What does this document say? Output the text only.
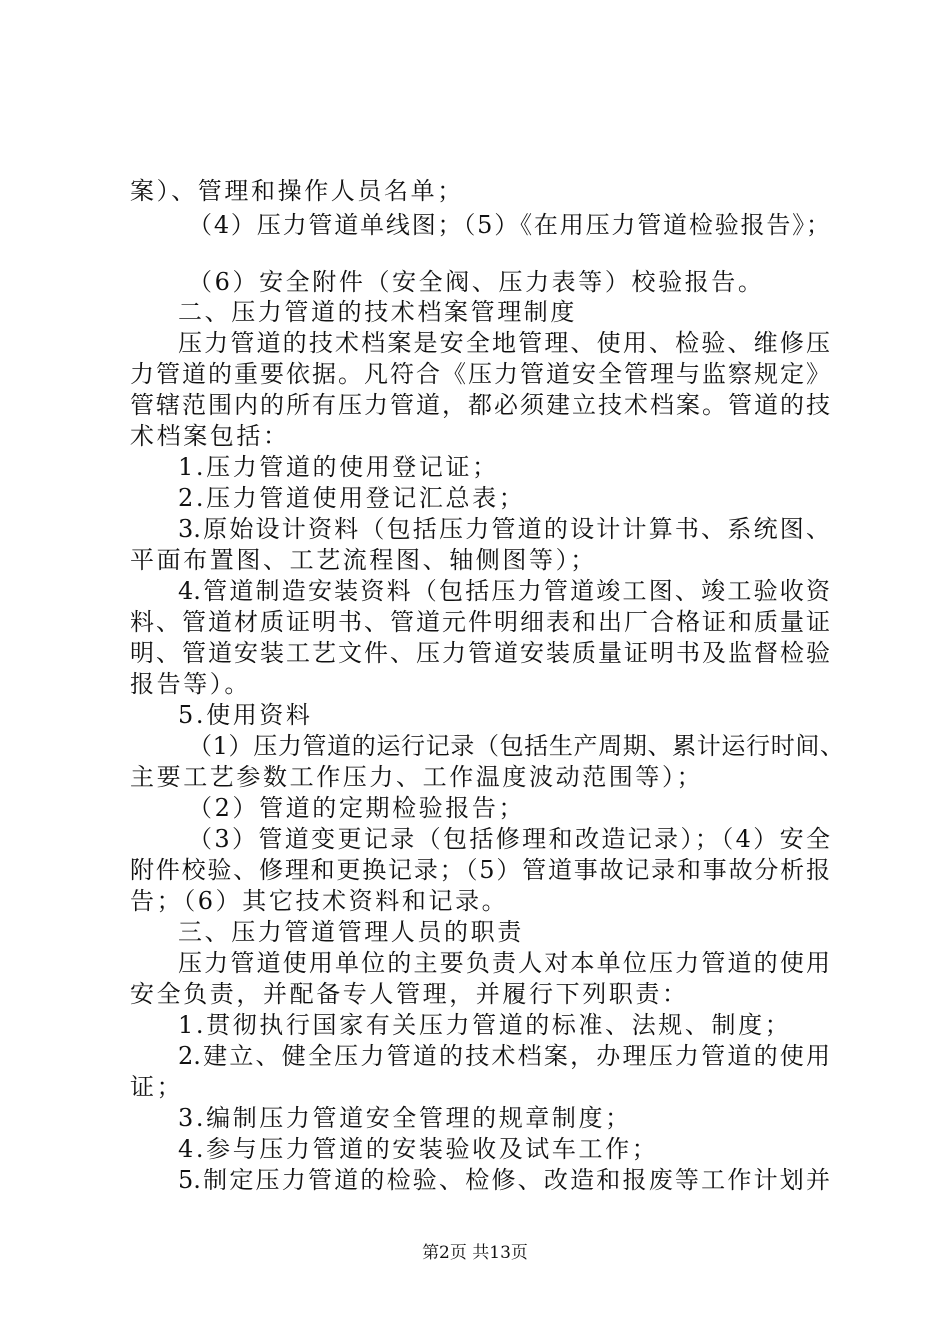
案）、管理和操作人员名单；
（4）压力管道单线图；（5）《在用压力管道检验报告》；
（6）安全附件（安全阀、压力表等）校验报告。
二、压力管道的技术档案管理制度
压力管道的技术档案是安全地管理、使用、检验、维修压
力管道的重要依据。凡符合《压力管道安全管理与监察规定》
管辖范围内的所有压力管道，都必须建立技术档案。管道的技
术档案包括：
1.压力管道的使用登记证；
2.压力管道使用登记汇总表；
3.原始设计资料（包括压力管道的设计计算书、系统图、
平面布置图、工艺流程图、轴侧图等）；
4.管道制造安装资料（包括压力管道竣工图、竣工验收资
料、管道材质证明书、管道元件明细表和出厂合格证和质量证
明、管道安装工艺文件、压力管道安装质量证明书及监督检验
报告等）。
5.使用资料
（1）压力管道的运行记录（包括生产周期、累计运行时间、
主要工艺参数工作压力、工作温度波动范围等）；
（2）管道的定期检验报告；
（3）管道变更记录（包括修理和改造记录）；（4）安全
附件校验、修理和更换记录；（5）管道事故记录和事故分析报
告；（6）其它技术资料和记录。
三、压力管道管理人员的职责
压力管道使用单位的主要负责人对本单位压力管道的使用
安全负责，并配备专人管理，并履行下列职责：
1.贯彻执行国家有关压力管道的标准、法规、制度；
2.建立、健全压力管道的技术档案，办理压力管道的使用
证；
3.编制压力管道安全管理的规章制度；
4.参与压力管道的安装验收及试车工作；
5.制定压力管道的检验、检修、改造和报废等工作计划并
第2页 共13页
